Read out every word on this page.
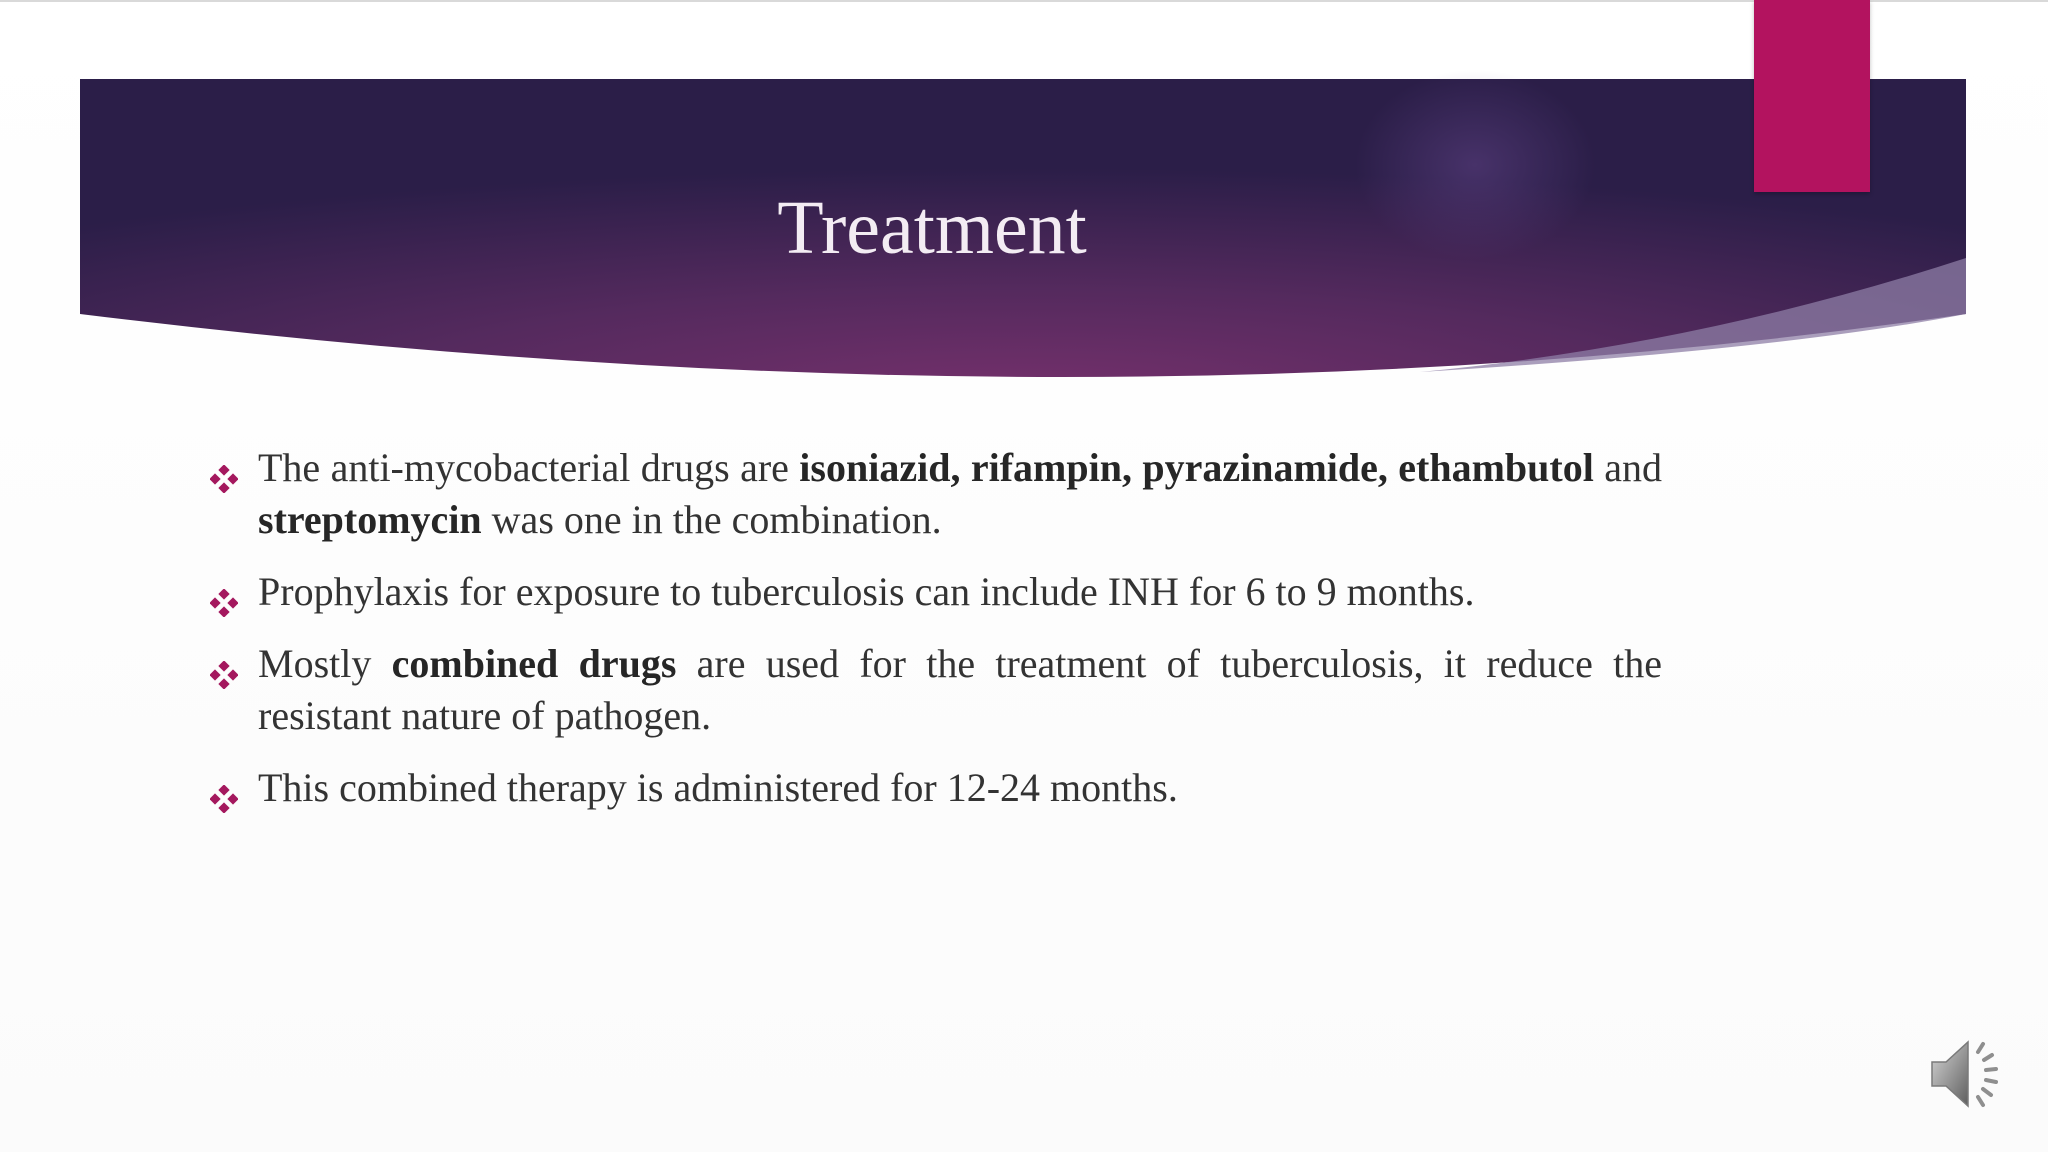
Treatment
The anti-mycobacterial drugs are isoniazid, rifampin, pyrazinamide, ethambutol and streptomycin was one in the combination.
Prophylaxis for exposure to tuberculosis can include INH for 6 to 9 months.
Mostly combined drugs are used for the treatment of tuberculosis, it reduce the resistant nature of pathogen.
This combined therapy is administered for 12-24 months.
